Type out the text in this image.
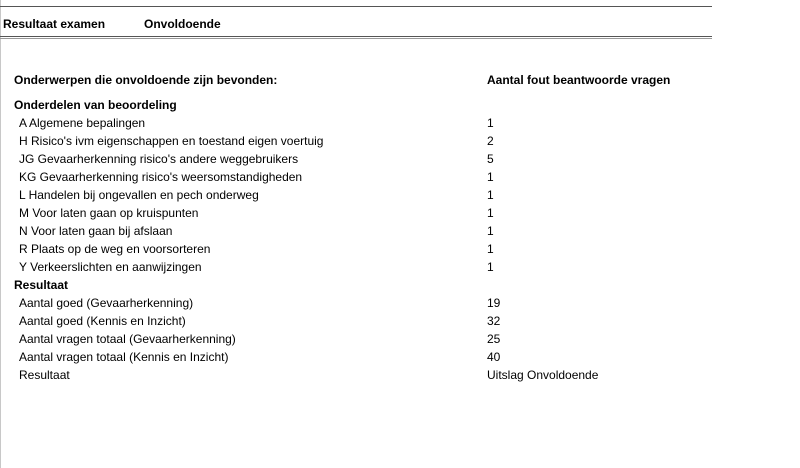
Resultaat examen	Onvoldoende
Onderwerpen die onvoldoende zijn bevonden:	Aantal fout beantwoorde vragen
Onderdelen van beoordeling
A Algemene bepalingen	1
H Risico's ivm eigenschappen en toestand eigen voertuig	2
JG Gevaarherkenning risico's andere weggebruikers	5
KG Gevaarherkenning risico's weersomstandigheden	1
L Handelen bij ongevallen en pech onderweg	1
M Voor laten gaan op kruispunten	1
N Voor laten gaan bij afslaan	1
R Plaats op de weg en voorsorteren	1
Y Verkeerslichten en aanwijzingen	1
Resultaat
Aantal goed (Gevaarherkenning)	19
Aantal goed (Kennis en Inzicht)	32
Aantal vragen totaal (Gevaarherkenning)	25
Aantal vragen totaal (Kennis en Inzicht)	40
Resultaat	Uitslag Onvoldoende
